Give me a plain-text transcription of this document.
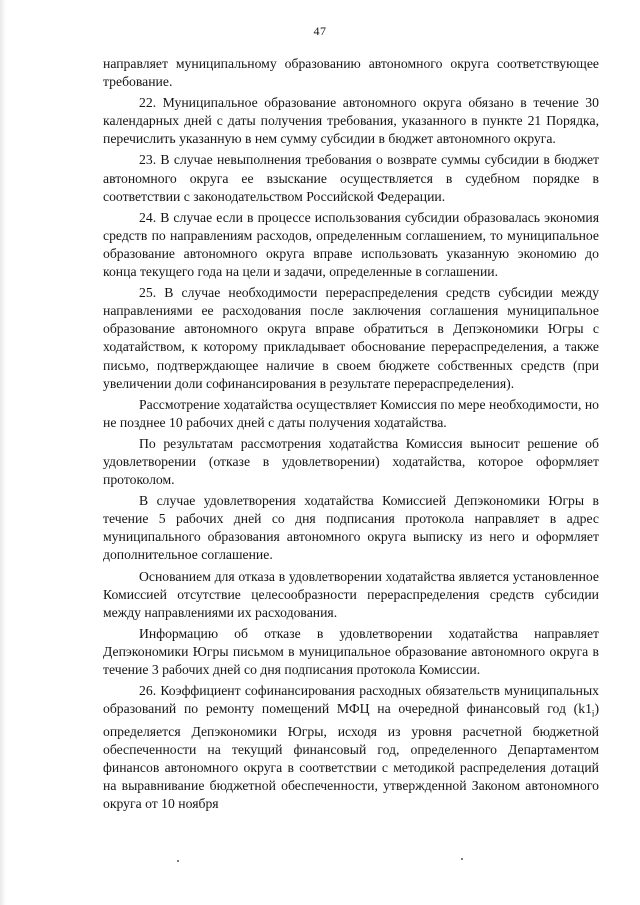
47

направляет муниципальному образованию автономного округа соответствующее требование.

22. Муниципальное образование автономного округа обязано в течение 30 календарных дней с даты получения требования, указанного в пункте 21 Порядка, перечислить указанную в нем сумму субсидии в бюджет автономного округа.

23. В случае невыполнения требования о возврате суммы субсидии в бюджет автономного округа ее взыскание осуществляется в судебном порядке в соответствии с законодательством Российской Федерации.

24. В случае если в процессе использования субсидии образовалась экономия средств по направлениям расходов, определенным соглашением, то муниципальное образование автономного округа вправе использовать указанную экономию до конца текущего года на цели и задачи, определенные в соглашении.

25. В случае необходимости перераспределения средств субсидии между направлениями ее расходования после заключения соглашения муниципальное образование автономного округа вправе обратиться в Депэкономики Югры с ходатайством, к которому прикладывает обоснование перераспределения, а также письмо, подтверждающее наличие в своем бюджете собственных средств (при увеличении доли софинансирования в результате перераспределения).

Рассмотрение ходатайства осуществляет Комиссия по мере необходимости, но не позднее 10 рабочих дней с даты получения ходатайства.

По результатам рассмотрения ходатайства Комиссия выносит решение об удовлетворении (отказе в удовлетворении) ходатайства, которое оформляет протоколом.

В случае удовлетворения ходатайства Комиссией Депэкономики Югры в течение 5 рабочих дней со дня подписания протокола направляет в адрес муниципального образования автономного округа выписку из него и оформляет дополнительное соглашение.

Основанием для отказа в удовлетворении ходатайства является установленное Комиссией отсутствие целесообразности перераспределения средств субсидии между направлениями их расходования.

Информацию об отказе в удовлетворении ходатайства направляет Депэкономики Югры письмом в муниципальное образование автономного округа в течение 3 рабочих дней со дня подписания протокола Комиссии.

26. Коэффициент софинансирования расходных обязательств муниципальных образований по ремонту помещений МФЦ на очередной финансовый год $(k1_i)$ определяется Депэкономики Югры, исходя из уровня расчетной бюджетной обеспеченности на текущий финансовый год, определенного Департаментом финансов автономного округа в соответствии с методикой распределения дотаций на выравнивание бюджетной обеспеченности, утвержденной Законом автономного округа от 10 ноября
